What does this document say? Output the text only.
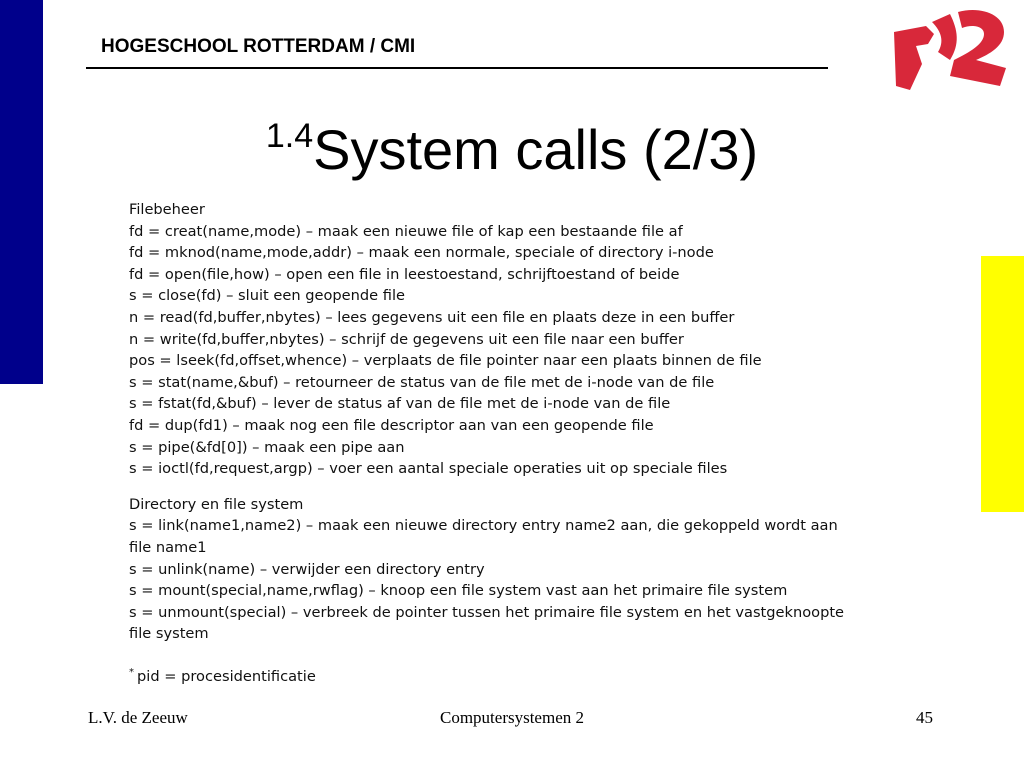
HOGESCHOOL ROTTERDAM / CMI
$^{1.4}$System calls (2/3)
Filebeheer
fd = creat(name,mode) – maak een nieuwe file of kap een bestaande file af
fd = mknod(name,mode,addr) – maak een normale, speciale of directory i-node
fd = open(file,how) – open een file in leestoestand, schrijftoestand of beide
s = close(fd) – sluit een geopende file
n = read(fd,buffer,nbytes) – lees gegevens uit een file en plaats deze in een buffer
n = write(fd,buffer,nbytes) – schrijf de gegevens uit een file naar een buffer
pos = lseek(fd,offset,whence) – verplaats de file pointer naar een plaats binnen de file
s = stat(name,&buf) – retourneer de status van de file met de i-node van de file
s = fstat(fd,&buf) – lever de status af van de file met de i-node van de file
fd = dup(fd1) – maak nog een file descriptor aan van een geopende file
s = pipe(&fd[0]) – maak een pipe aan
s = ioctl(fd,request,argp) – voer een aantal speciale operaties uit op speciale files
Directory en file system
s = link(name1,name2) – maak een nieuwe directory entry name2 aan, die gekoppeld wordt aan
file name1
s = unlink(name) – verwijder een directory entry
s = mount(special,name,rwflag) – knoop een file system vast aan het primaire file system
s = unmount(special) – verbreek de pointer tussen het primaire file system en het vastgeknoopte
file system
* pid = procesidentificatie
L.V. de Zeeuw	Computersystemen 2	45
